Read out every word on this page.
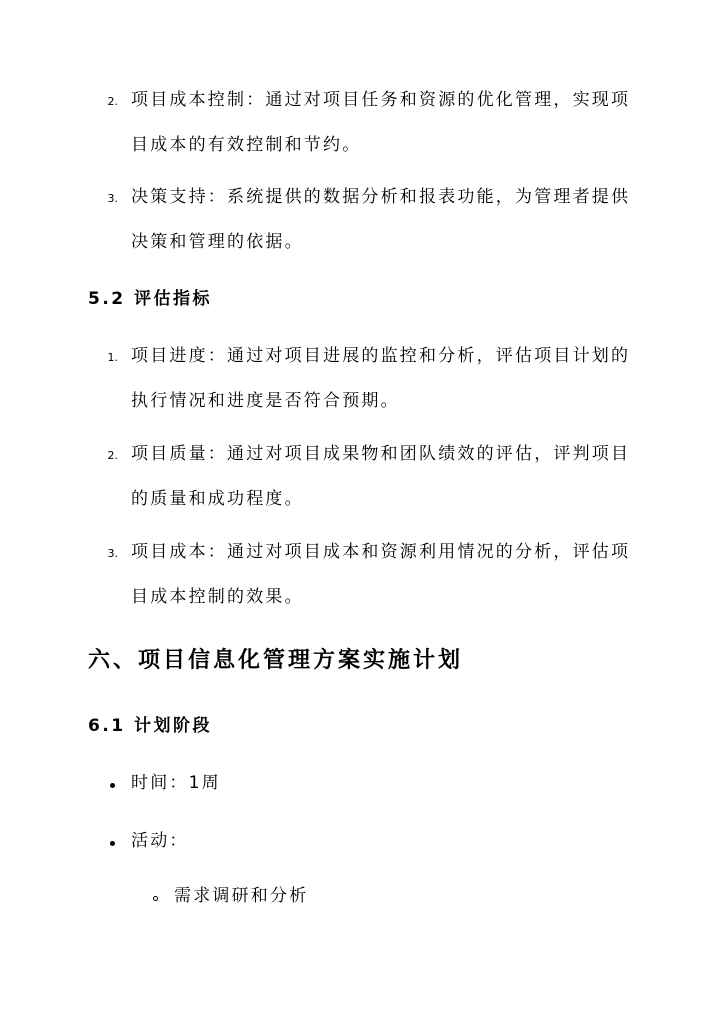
2. 项目成本控制：通过对项目任务和资源的优化管理，实现项
目成本的有效控制和节约。
3. 决策支持：系统提供的数据分析和报表功能，为管理者提供
决策和管理的依据。
5.2 评估指标
1. 项目进度：通过对项目进展的监控和分析，评估项目计划的
执行情况和进度是否符合预期。
2. 项目质量：通过对项目成果物和团队绩效的评估，评判项目
的质量和成功程度。
3. 项目成本：通过对项目成本和资源利用情况的分析，评估项
目成本控制的效果。
六、项目信息化管理方案实施计划
6.1 计划阶段
时间：1周
活动：
需求调研和分析
